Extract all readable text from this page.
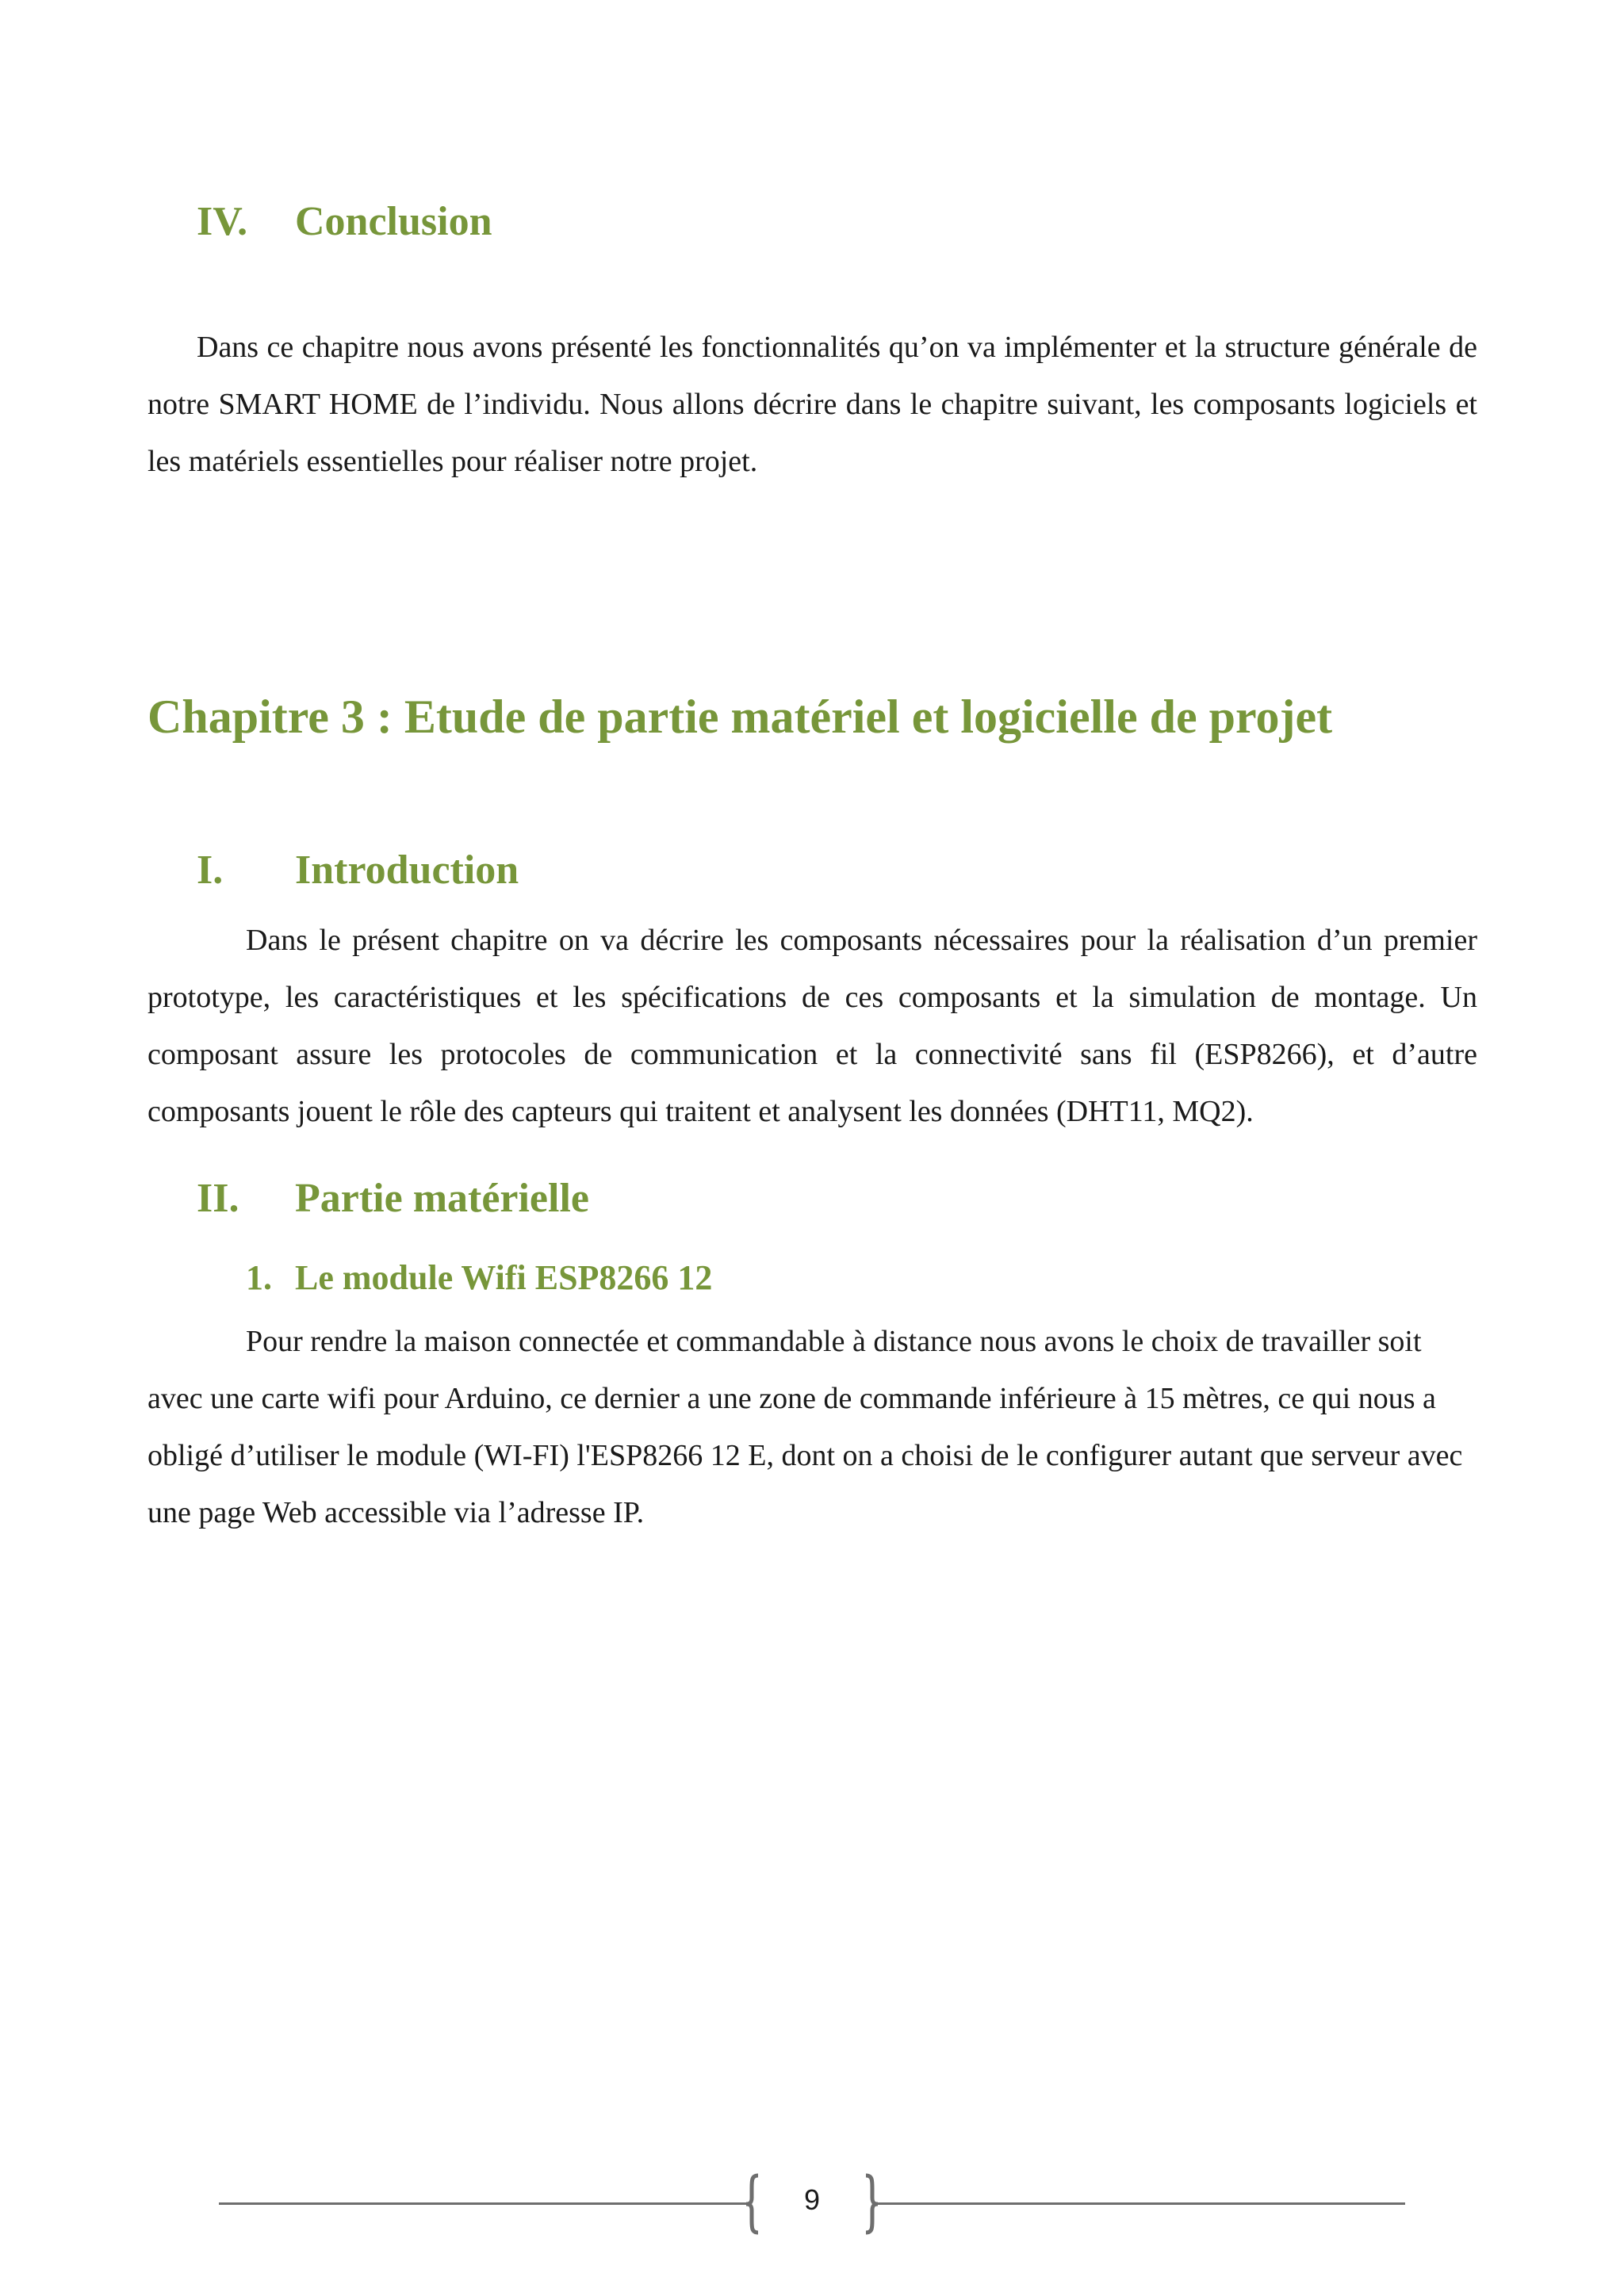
IV. Conclusion

Dans ce chapitre nous avons présenté les fonctionnalités qu’on va implémenter et la structure générale de notre SMART HOME de l’individu. Nous allons décrire dans le chapitre suivant, les composants logiciels et les matériels essentielles pour réaliser notre projet.

Chapitre 3 : Etude de partie matériel et logicielle de projet
I. Introduction

Dans le présent chapitre on va décrire les composants nécessaires pour la réalisation d’un premier prototype, les caractéristiques et les spécifications de ces composants et la simulation de montage. Un composant assure les protocoles de communication et la connectivité sans fil (ESP8266), et d’autre composants jouent le rôle des capteurs qui traitent et analysent les données (DHT11, MQ2).

II. Partie matérielle
1. Le module Wifi ESP8266 12

Pour rendre la maison connectée et commandable à distance nous avons le choix de travailler soit avec une carte wifi pour Arduino, ce dernier a une zone de commande inférieure à 15 mètres, ce qui nous a obligé d’utiliser le module (WI-FI) l'ESP8266 12 E, dont on a choisi de le configurer autant que serveur avec une page Web accessible via l’adresse IP.

9
